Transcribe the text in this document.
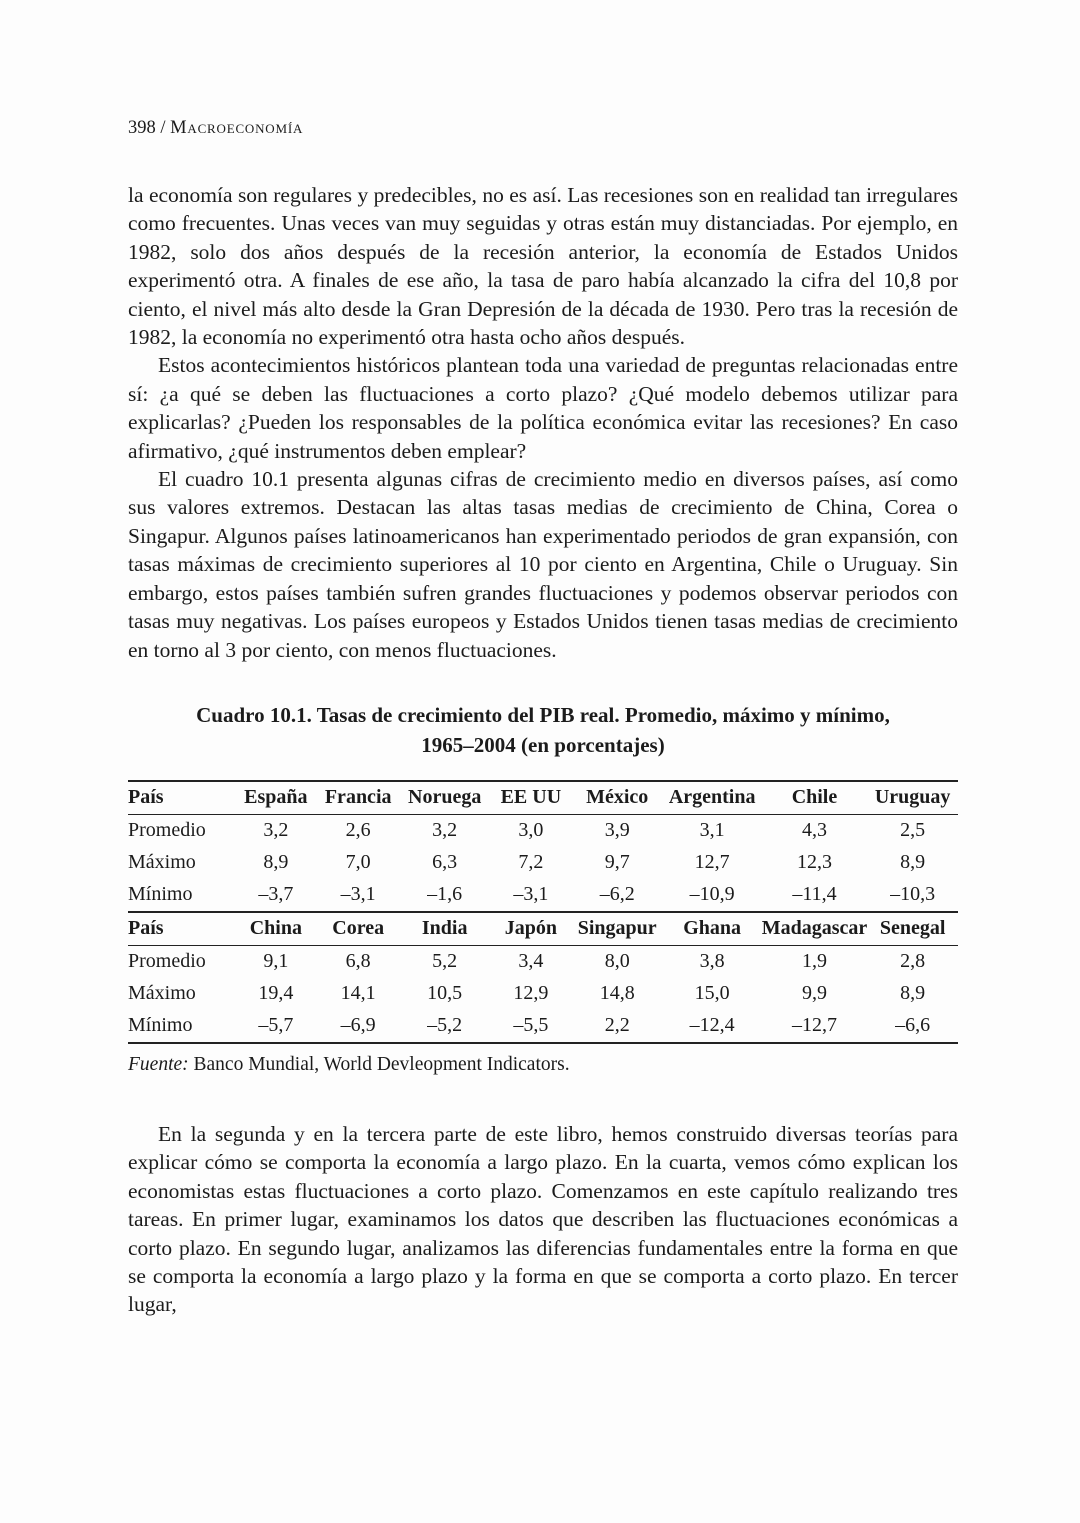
398 / Macroeconomía

la economía son regulares y predecibles, no es así. Las recesiones son en realidad tan irregulares como frecuentes. Unas veces van muy seguidas y otras están muy distanciadas. Por ejemplo, en 1982, solo dos años después de la recesión anterior, la economía de Estados Unidos experimentó otra. A finales de ese año, la tasa de paro había alcanzado la cifra del 10,8 por ciento, el nivel más alto desde la Gran Depresión de la década de 1930. Pero tras la recesión de 1982, la economía no experimentó otra hasta ocho años después.

Estos acontecimientos históricos plantean toda una variedad de preguntas relacionadas entre sí: ¿a qué se deben las fluctuaciones a corto plazo? ¿Qué modelo debemos utilizar para explicarlas? ¿Pueden los responsables de la política económica evitar las recesiones? En caso afirmativo, ¿qué instrumentos deben emplear?

El cuadro 10.1 presenta algunas cifras de crecimiento medio en diversos países, así como sus valores extremos. Destacan las altas tasas medias de crecimiento de China, Corea o Singapur. Algunos países latinoamericanos han experimentado periodos de gran expansión, con tasas máximas de crecimiento superiores al 10 por ciento en Argentina, Chile o Uruguay. Sin embargo, estos países también sufren grandes fluctuaciones y podemos observar periodos con tasas muy negativas. Los países europeos y Estados Unidos tienen tasas medias de crecimiento en torno al 3 por ciento, con menos fluctuaciones.

Cuadro 10.1. Tasas de crecimiento del PIB real. Promedio, máximo y mínimo,
1965–2004 (en porcentajes)
País	España	Francia	Noruega	EE UU	México	Argentina	Chile	Uruguay
Promedio	3,2	2,6	3,2	3,0	3,9	3,1	4,3	2,5
Máximo	8,9	7,0	6,3	7,2	9,7	12,7	12,3	8,9
Mínimo	–3,7	–3,1	–1,6	–3,1	–6,2	–10,9	–11,4	–10,3
País	China	Corea	India	Japón	Singapur	Ghana	Madagascar	Senegal
Promedio	9,1	6,8	5,2	3,4	8,0	3,8	1,9	2,8
Máximo	19,4	14,1	10,5	12,9	14,8	15,0	9,9	8,9
Mínimo	–5,7	–6,9	–5,2	–5,5	2,2	–12,4	–12,7	–6,6

Fuente: Banco Mundial, World Devleopment Indicators.

En la segunda y en la tercera parte de este libro, hemos construido diversas teorías para explicar cómo se comporta la economía a largo plazo. En la cuarta, vemos cómo explican los economistas estas fluctuaciones a corto plazo. Comenzamos en este capítulo realizando tres tareas. En primer lugar, examinamos los datos que describen las fluctuaciones económicas a corto plazo. En segundo lugar, analizamos las diferencias fundamentales entre la forma en que se comporta la economía a largo plazo y la forma en que se comporta a corto plazo. En tercer lugar,
